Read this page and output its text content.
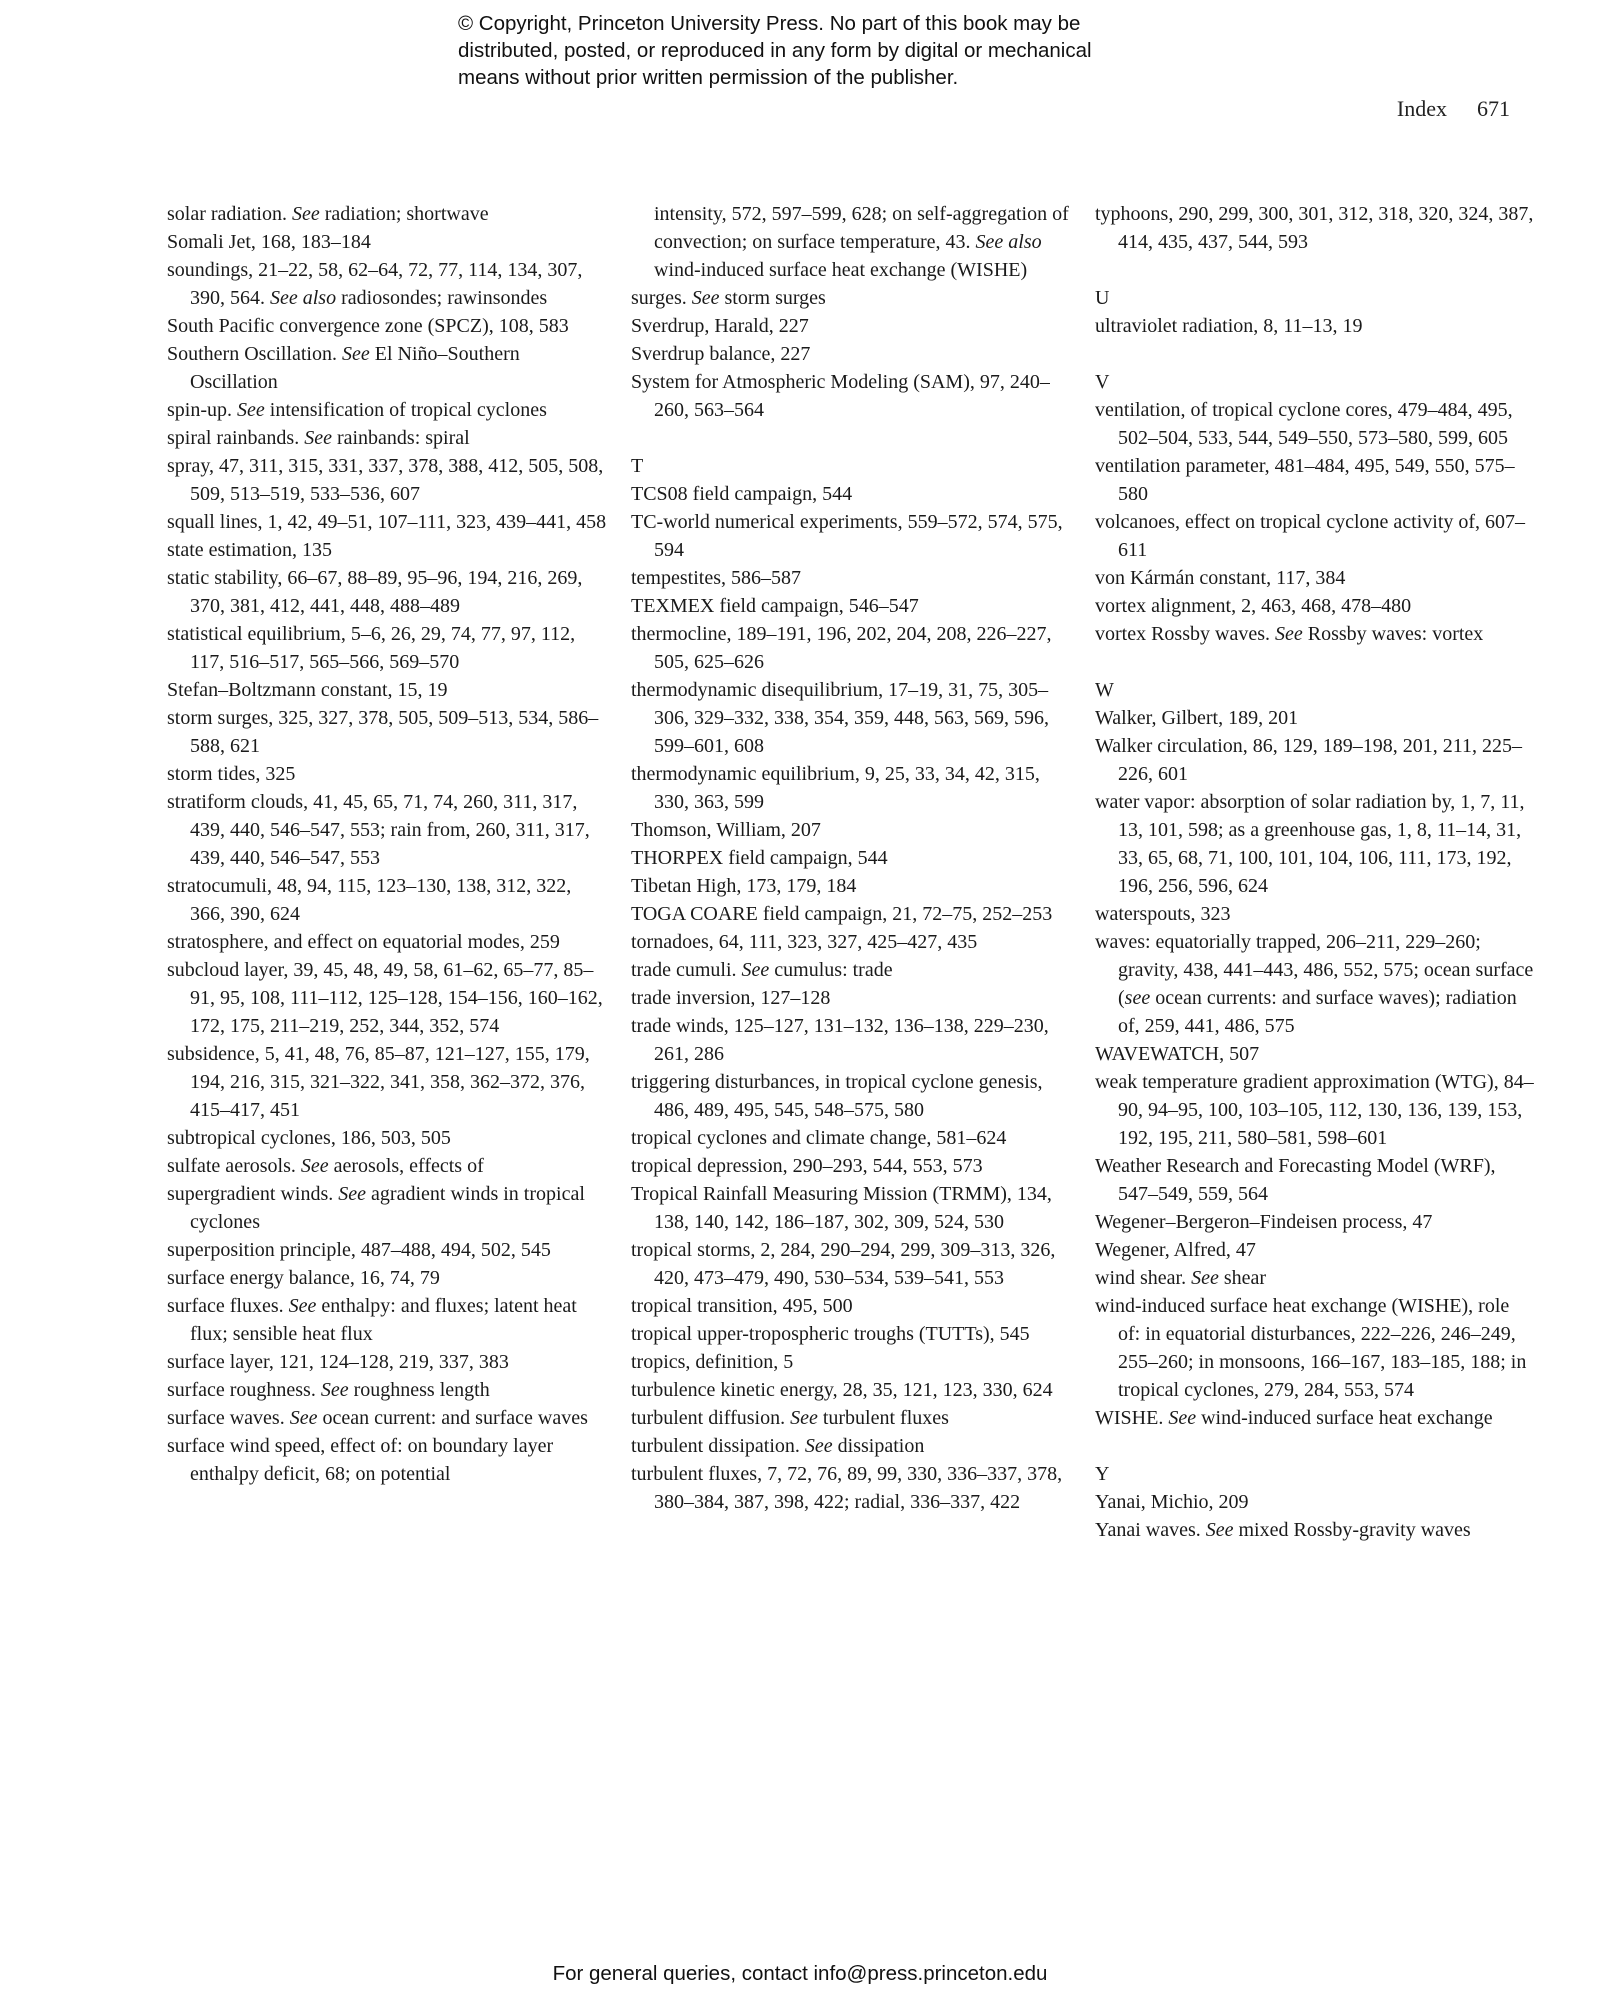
© Copyright, Princeton University Press. No part of this book may be
distributed, posted, or reproduced in any form by digital or mechanical
means without prior written permission of the publisher.
Index 671
solar radiation. See radiation; shortwave
Somali Jet, 168, 183–184
soundings, 21–22, 58, 62–64, 72, 77, 114, 134, 307, 390, 564. See also radiosondes; rawinsondes
South Pacific convergence zone (SPCZ), 108, 583
Southern Oscillation. See El Niño–Southern Oscillation
spin-up. See intensification of tropical cyclones
spiral rainbands. See rainbands: spiral
spray, 47, 311, 315, 331, 337, 378, 388, 412, 505, 508, 509, 513–519, 533–536, 607
squall lines, 1, 42, 49–51, 107–111, 323, 439–441, 458
state estimation, 135
static stability, 66–67, 88–89, 95–96, 194, 216, 269, 370, 381, 412, 441, 448, 488–489
statistical equilibrium, 5–6, 26, 29, 74, 77, 97, 112, 117, 516–517, 565–566, 569–570
Stefan–Boltzmann constant, 15, 19
storm surges, 325, 327, 378, 505, 509–513, 534, 586–588, 621
storm tides, 325
stratiform clouds, 41, 45, 65, 71, 74, 260, 311, 317, 439, 440, 546–547, 553; rain from, 260, 311, 317, 439, 440, 546–547, 553
stratocumuli, 48, 94, 115, 123–130, 138, 312, 322, 366, 390, 624
stratosphere, and effect on equatorial modes, 259
subcloud layer, 39, 45, 48, 49, 58, 61–62, 65–77, 85–91, 95, 108, 111–112, 125–128, 154–156, 160–162, 172, 175, 211–219, 252, 344, 352, 574
subsidence, 5, 41, 48, 76, 85–87, 121–127, 155, 179, 194, 216, 315, 321–322, 341, 358, 362–372, 376, 415–417, 451
subtropical cyclones, 186, 503, 505
sulfate aerosols. See aerosols, effects of
supergradient winds. See agradient winds in tropical cyclones
superposition principle, 487–488, 494, 502, 545
surface energy balance, 16, 74, 79
surface fluxes. See enthalpy: and fluxes; latent heat flux; sensible heat flux
surface layer, 121, 124–128, 219, 337, 383
surface roughness. See roughness length
surface waves. See ocean current: and surface waves
surface wind speed, effect of: on boundary layer enthalpy deficit, 68; on potential
intensity, 572, 597–599, 628; on self-aggregation of convection; on surface temperature, 43. See also wind-induced surface heat exchange (WISHE)
surges. See storm surges
Sverdrup, Harald, 227
Sverdrup balance, 227
System for Atmospheric Modeling (SAM), 97, 240–260, 563–564
T
TCS08 field campaign, 544
TC-world numerical experiments, 559–572, 574, 575, 594
tempestites, 586–587
TEXMEX field campaign, 546–547
thermocline, 189–191, 196, 202, 204, 208, 226–227, 505, 625–626
thermodynamic disequilibrium, 17–19, 31, 75, 305–306, 329–332, 338, 354, 359, 448, 563, 569, 596, 599–601, 608
thermodynamic equilibrium, 9, 25, 33, 34, 42, 315, 330, 363, 599
Thomson, William, 207
THORPEX field campaign, 544
Tibetan High, 173, 179, 184
TOGA COARE field campaign, 21, 72–75, 252–253
tornadoes, 64, 111, 323, 327, 425–427, 435
trade cumuli. See cumulus: trade
trade inversion, 127–128
trade winds, 125–127, 131–132, 136–138, 229–230, 261, 286
triggering disturbances, in tropical cyclone genesis, 486, 489, 495, 545, 548–575, 580
tropical cyclones and climate change, 581–624
tropical depression, 290–293, 544, 553, 573
Tropical Rainfall Measuring Mission (TRMM), 134, 138, 140, 142, 186–187, 302, 309, 524, 530
tropical storms, 2, 284, 290–294, 299, 309–313, 326, 420, 473–479, 490, 530–534, 539–541, 553
tropical transition, 495, 500
tropical upper-tropospheric troughs (TUTTs), 545
tropics, definition, 5
turbulence kinetic energy, 28, 35, 121, 123, 330, 624
turbulent diffusion. See turbulent fluxes
turbulent dissipation. See dissipation
turbulent fluxes, 7, 72, 76, 89, 99, 330, 336–337, 378, 380–384, 387, 398, 422; radial, 336–337, 422
typhoons, 290, 299, 300, 301, 312, 318, 320, 324, 387, 414, 435, 437, 544, 593
U
ultraviolet radiation, 8, 11–13, 19
V
ventilation, of tropical cyclone cores, 479–484, 495, 502–504, 533, 544, 549–550, 573–580, 599, 605
ventilation parameter, 481–484, 495, 549, 550, 575–580
volcanoes, effect on tropical cyclone activity of, 607–611
von Kármán constant, 117, 384
vortex alignment, 2, 463, 468, 478–480
vortex Rossby waves. See Rossby waves: vortex
W
Walker, Gilbert, 189, 201
Walker circulation, 86, 129, 189–198, 201, 211, 225–226, 601
water vapor: absorption of solar radiation by, 1, 7, 11, 13, 101, 598; as a greenhouse gas, 1, 8, 11–14, 31, 33, 65, 68, 71, 100, 101, 104, 106, 111, 173, 192, 196, 256, 596, 624
waterspouts, 323
waves: equatorially trapped, 206–211, 229–260; gravity, 438, 441–443, 486, 552, 575; ocean surface (see ocean currents: and surface waves); radiation of, 259, 441, 486, 575
WAVEWATCH, 507
weak temperature gradient approximation (WTG), 84–90, 94–95, 100, 103–105, 112, 130, 136, 139, 153, 192, 195, 211, 580–581, 598–601
Weather Research and Forecasting Model (WRF), 547–549, 559, 564
Wegener–Bergeron–Findeisen process, 47
Wegener, Alfred, 47
wind shear. See shear
wind-induced surface heat exchange (WISHE), role of: in equatorial disturbances, 222–226, 246–249, 255–260; in monsoons, 166–167, 183–185, 188; in tropical cyclones, 279, 284, 553, 574
WISHE. See wind-induced surface heat exchange
Y
Yanai, Michio, 209
Yanai waves. See mixed Rossby-gravity waves
For general queries, contact info@press.princeton.edu
